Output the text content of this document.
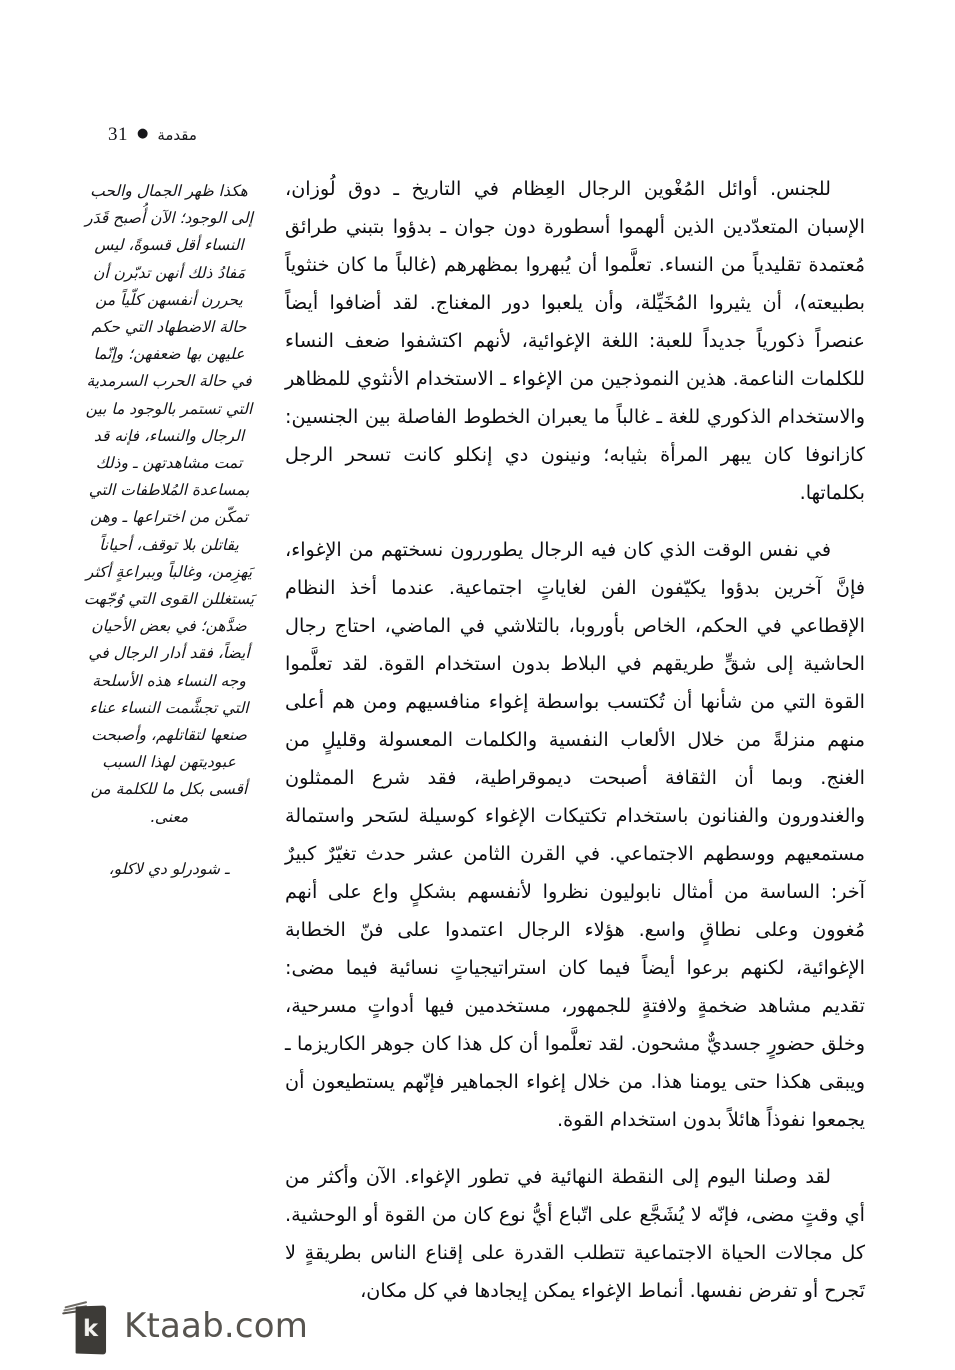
31 ● مقدمة

للجنس. أوائل المُغْوين الرجال العِظام في التاريخ ـ دوق لُوزان، الإسبان المتعدّدين الذين ألهموا أسطورة دون جوان ـ بدؤوا بتبني طرائق مُعتمدة تقليدياً من النساء. تعلَّموا أن يُبهروا بمظهرهم (غالباً ما كان خنثوياً بطبيعته)، أن يثيروا المُخَيِّلة، وأن يلعبوا دور المغناج. لقد أضافوا أيضاً عنصراً ذكورياً جديداً للعبة: اللغة الإغوائية، لأنهم اكتشفوا ضعف النساء للكلمات الناعمة. هذين النموذجين من الإغواء ـ الاستخدام الأنثوي للمظاهر والاستخدام الذكوري للغة ـ غالباً ما يعبران الخطوط الفاصلة بين الجنسين: كازانوفا كان يبهر المرأة بثيابه؛ ونينون دي إنكلو كانت تسحر الرجل بكلماتها.

في نفس الوقت الذي كان فيه الرجال يطوررون نسختهم من الإغواء، فإنَّ آخرين بدؤوا يكيّفون الفن لغاياتٍ اجتماعية. عندما أخذ النظام الإقطاعي في الحكم، الخاص بأوروبا، بالتلاشي في الماضي، احتاج رجال الحاشية إلى شقٍّ طريقهم في البلاط بدون استخدام القوة. لقد تعلَّموا القوة التي من شأنها أن تُكتسب بواسطة إغواء منافسيهم ومن هم أعلى منهم منزلةً من خلال الألعاب النفسية والكلمات المعسولة وقليلٍ من الغنج. وبما أن الثقافة أصبحت ديموقراطية، فقد شرع الممثلون والغندورون والفنانون باستخدام تكتيكات الإغواء كوسيلة لسَحر واستمالة مستمعيهم ووسطهم الاجتماعي. في القرن الثامن عشر حدث تغيّرٌ كبيرٌ آخر: الساسة من أمثال نابوليون نظروا لأنفسهم بشكلٍ واع على أنهم مُغوون وعلى نطاقٍ واسع. هؤلاء الرجال اعتمدوا على فنّ الخطابة الإغوائية، لكنهم برعوا أيضاً فيما كان استراتيجياتٍ نسائية فيما مضى: تقديم مشاهد ضخمةٍ ولافتةٍ للجمهور، مستخدمين فيها أدواتٍ مسرحية، وخلق حضورٍ جسديٌّ مشحون. لقد تعلَّموا أن كل هذا كان جوهر الكاريزما ـ ويبقى هكذا حتى يومنا هذا. من خلال إغواء الجماهير فإنّهم يستطيعون أن يجمعوا نفوذاً هائلاً بدون استخدام القوة.

لقد وصلنا اليوم إلى النقطة النهائية في تطور الإغواء. الآن وأكثر من أي وقتٍ مضى، فإنّه لا يُشَجَّع على اتّباع أيُّ نوع كان من القوة أو الوحشية. كل مجالات الحياة الاجتماعية تتطلب القدرة على إقناع الناس بطريقةٍ لا تَجرح أو تفرض نفسها. أنماط الإغواء يمكن إيجادها في كل مكان،

هكذا ظهر الجمال والحب إلى الوجود؛ الآن أُصبح قَدَر النساء أقل قسوةً، ليس مَفادُ ذلك أنهن تدبّرن أن يحررن أنفسهن كلّياً من حالة الاضطهاد التي حكم عليهن بها ضعفهن؛ وإنّما في حالة الحرب السرمدية التي تستمر بالوجود ما بين الرجال والنساء، فإنه قد تمت مشاهدتهن ـ وذلك بمساعدة المُلاطفات التي تمكّن من اختراعها ـ وهن يقاتلن بلا توقف، أحياناً يَهزِمن، وغالباً وببراعةٍ أكثر يَستغللن القوى التي وُجّهت ضدَّهن؛ في بعض الأحيان أيضاً، فقد أدار الرجال في وجه النساء هذه الأسلحة التي تجشَّمت النساء عناء صنعها لتقاتلهم، وأصبحت عبوديتهن لهذا السبب أقسى بكل ما للكلمة من معنى.
ـ شودرلو دي لاكلو،
k Ktaab.com
